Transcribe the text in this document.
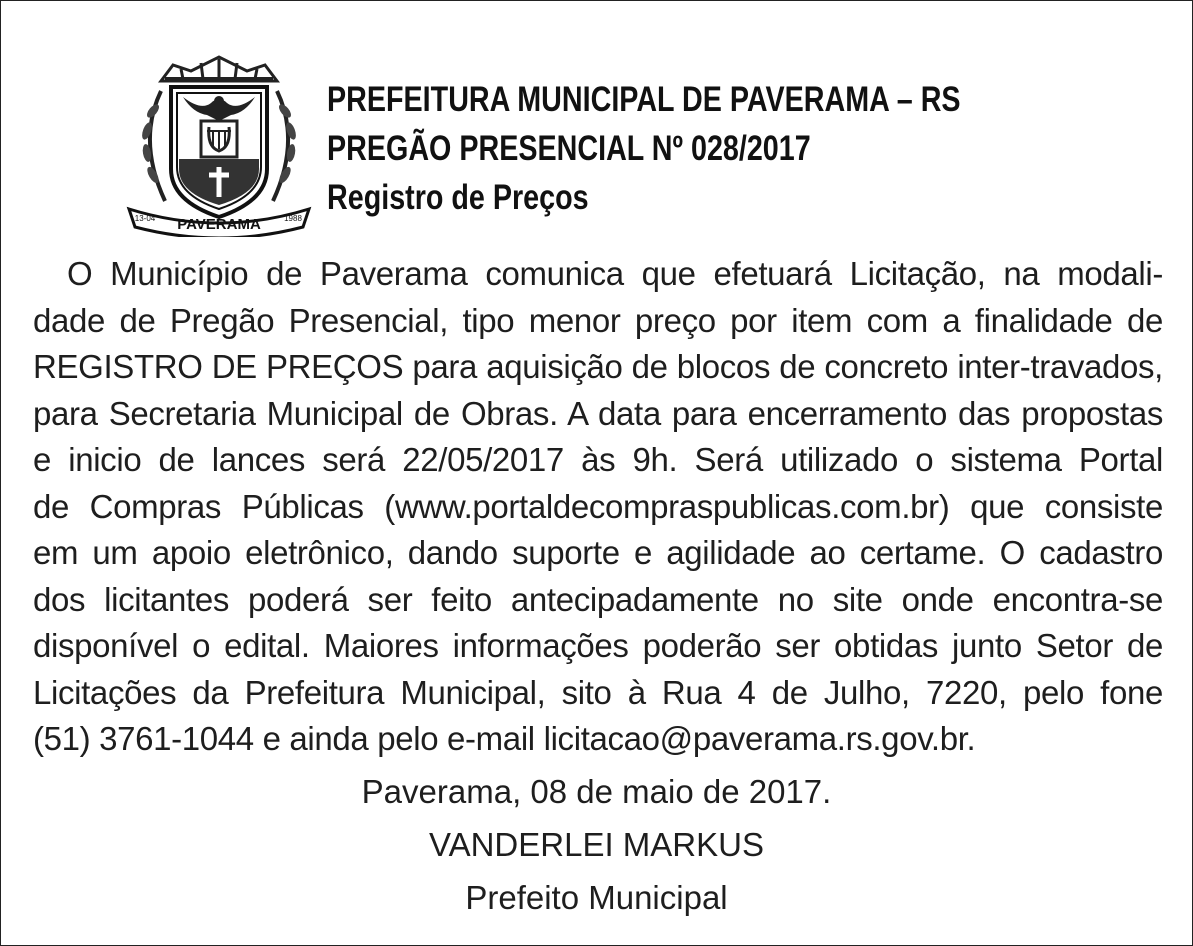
PAVERAMA
13-04	1988
PREFEITURA MUNICIPAL DE PAVERAMA – RS
PREGÃO PRESENCIAL Nº 028/2017
Registro de Preços
O Município de Paverama comunica que efetuará Licitação, na modali-
dade de Pregão Presencial, tipo menor preço por item com a finalidade de
REGISTRO DE PREÇOS para aquisição de blocos de concreto inter-travados,
para Secretaria Municipal de Obras. A data para encerramento das propostas
e inicio de lances será 22/05/2017 às 9h. Será utilizado o sistema Portal
de Compras Públicas (www.portaldecompraspublicas.com.br) que consiste
em um apoio eletrônico, dando suporte e agilidade ao certame. O cadastro
dos licitantes poderá ser feito antecipadamente no site onde encontra-se
disponível o edital. Maiores informações poderão ser obtidas junto Setor de
Licitações da Prefeitura Municipal, sito à Rua 4 de Julho, 7220, pelo fone
(51) 3761-1044 e ainda pelo e-mail licitacao@paverama.rs.gov.br.
Paverama, 08 de maio de 2017.
VANDERLEI MARKUS
Prefeito Municipal
